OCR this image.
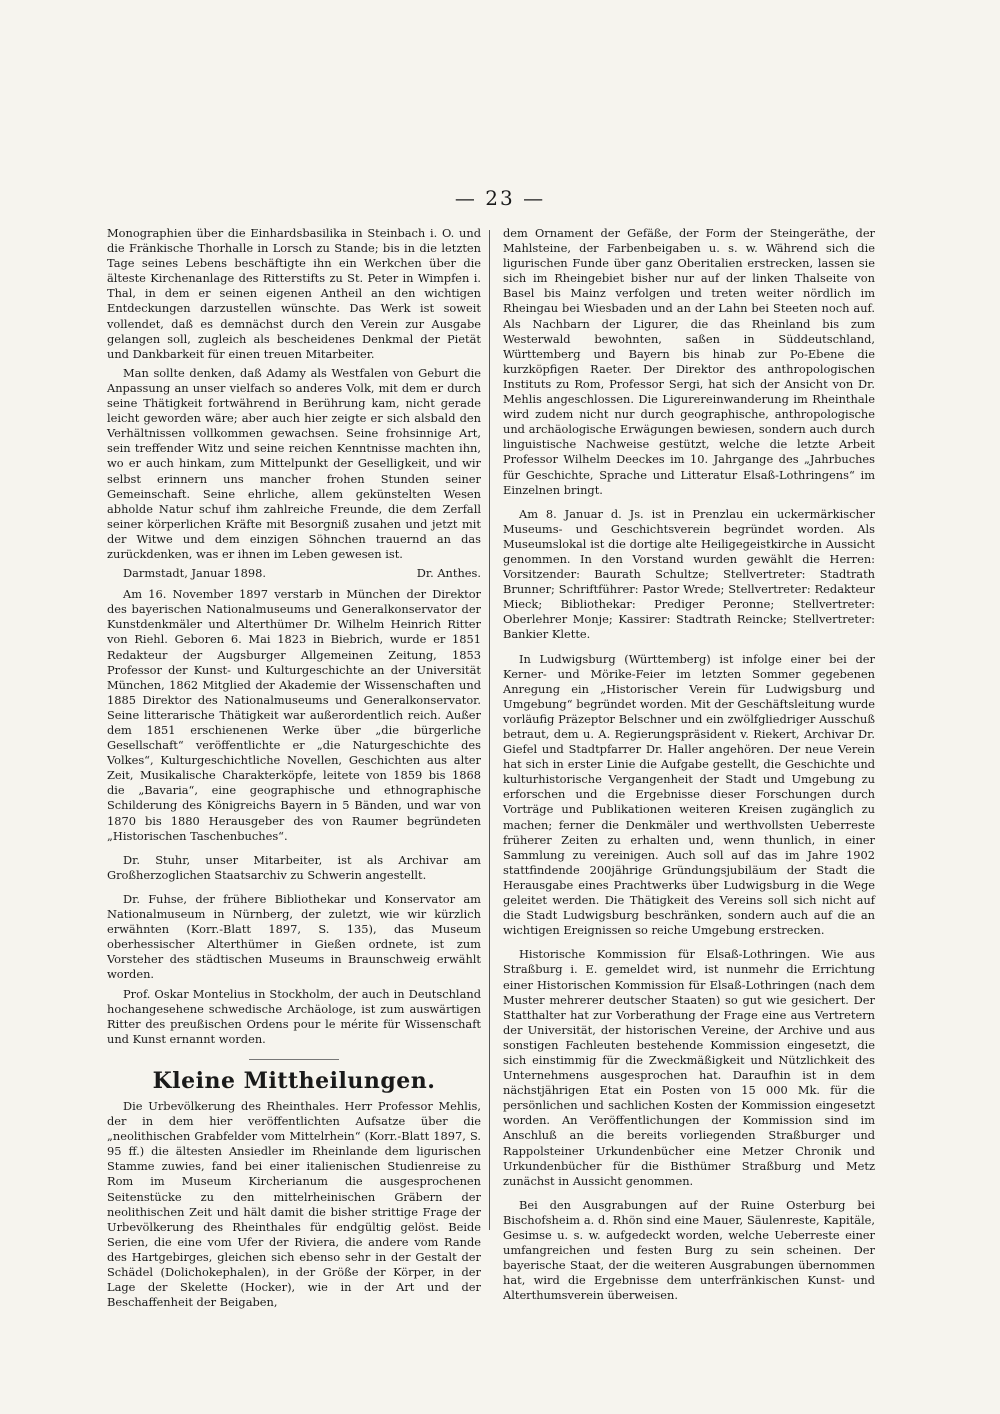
— 23 —

Monographien über die Einhardsbasilika in Steinbach i. O. und die Fränkische Thorhalle in Lorsch zu Stande; bis in die letzten Tage seines Lebens beschäftigte ihn ein Werkchen über die älteste Kirchenanlage des Ritterstifts zu St. Peter in Wimpfen i. Thal, in dem er seinen eigenen Antheil an den wichtigen Entdeckungen darzustellen wünschte. Das Werk ist soweit vollendet, daß es demnächst durch den Verein zur Ausgabe gelangen soll, zugleich als bescheidenes Denkmal der Pietät und Dankbarkeit für einen treuen Mitarbeiter.

Man sollte denken, daß Adamy als Westfalen von Geburt die Anpassung an unser vielfach so anderes Volk, mit dem er durch seine Thätigkeit fortwährend in Berührung kam, nicht gerade leicht geworden wäre; aber auch hier zeigte er sich alsbald den Verhältnissen vollkommen gewachsen. Seine frohsinnige Art, sein treffender Witz und seine reichen Kenntnisse machten ihn, wo er auch hinkam, zum Mittelpunkt der Geselligkeit, und wir selbst erinnern uns mancher frohen Stunden seiner Gemeinschaft. Seine ehrliche, allem gekünstelten Wesen abholde Natur schuf ihm zahlreiche Freunde, die dem Zerfall seiner körperlichen Kräfte mit Besorgniß zusahen und jetzt mit der Witwe und dem einzigen Söhnchen trauernd an das zurückdenken, was er ihnen im Leben gewesen ist.

Darmstadt, Januar 1898.	Dr. Anthes.

Am 16. November 1897 verstarb in München der Direktor des bayerischen Nationalmuseums und Generalkonservator der Kunstdenkmäler und Alterthümer Dr. Wilhelm Heinrich Ritter von Riehl. Geboren 6. Mai 1823 in Biebrich, wurde er 1851 Redakteur der Augsburger Allgemeinen Zeitung, 1853 Professor der Kunst- und Kulturgeschichte an der Universität München, 1862 Mitglied der Akademie der Wissenschaften und 1885 Direktor des Nationalmuseums und Generalkonservator. Seine litterarische Thätigkeit war außerordentlich reich. Außer dem 1851 erschienenen Werke über „die bürgerliche Gesellschaft“ veröffentlichte er „die Naturgeschichte des Volkes“, Kulturgeschichtliche Novellen, Geschichten aus alter Zeit, Musikalische Charakterköpfe, leitete von 1859 bis 1868 die „Bavaria“, eine geographische und ethnographische Schilderung des Königreichs Bayern in 5 Bänden, und war von 1870 bis 1880 Herausgeber des von Raumer begründeten „Historischen Taschenbuches“.

Dr. Stuhr, unser Mitarbeiter, ist als Archivar am Großherzoglichen Staatsarchiv zu Schwerin angestellt.

Dr. Fuhse, der frühere Bibliothekar und Konservator am Nationalmuseum in Nürnberg, der zuletzt, wie wir kürzlich erwähnten (Korr.-Blatt 1897, S. 135), das Museum oberhessischer Alterthümer in Gießen ordnete, ist zum Vorsteher des städtischen Museums in Braunschweig erwählt worden.

Prof. Oskar Montelius in Stockholm, der auch in Deutschland hochangesehene schwedische Archäologe, ist zum auswärtigen Ritter des preußischen Ordens pour le mérite für Wissenschaft und Kunst ernannt worden.

Kleine Mittheilungen.

Die Urbevölkerung des Rheinthales. Herr Professor Mehlis, der in dem hier veröffentlichten Aufsatze über die „neolithischen Grabfelder vom Mittelrhein“ (Korr.-Blatt 1897, S. 95 ff.) die ältesten Ansiedler im Rheinlande dem ligurischen Stamme zuwies, fand bei einer italienischen Studienreise zu Rom im Museum Kircherianum die ausgesprochenen Seitenstücke zu den mittelrheinischen Gräbern der neolithischen Zeit und hält damit die bisher strittige Frage der Urbevölkerung des Rheinthales für endgültig gelöst. Beide Serien, die eine vom Ufer der Riviera, die andere vom Rande des Hartgebirges, gleichen sich ebenso sehr in der Gestalt der Schädel (Dolichokephalen), in der Größe der Körper, in der Lage der Skelette (Hocker), wie in der Art und der Beschaffenheit der Beigaben,

dem Ornament der Gefäße, der Form der Steingeräthe, der Mahlsteine, der Farbenbeigaben u. s. w. Während sich die ligurischen Funde über ganz Oberitalien erstrecken, lassen sie sich im Rheingebiet bisher nur auf der linken Thalseite von Basel bis Mainz verfolgen und treten weiter nördlich im Rheingau bei Wiesbaden und an der Lahn bei Steeten noch auf. Als Nachbarn der Ligurer, die das Rheinland bis zum Westerwald bewohnten, saßen in Süddeutschland, Württemberg und Bayern bis hinab zur Po-Ebene die kurzköpfigen Raeter. Der Direktor des anthropologischen Instituts zu Rom, Professor Sergi, hat sich der Ansicht von Dr. Mehlis angeschlossen. Die Ligurereinwanderung im Rheinthale wird zudem nicht nur durch geographische, anthropologische und archäologische Erwägungen bewiesen, sondern auch durch linguistische Nachweise gestützt, welche die letzte Arbeit Professor Wilhelm Deeckes im 10. Jahrgange des „Jahrbuches für Geschichte, Sprache und Litteratur Elsaß-Lothringens“ im Einzelnen bringt.

Am 8. Januar d. Js. ist in Prenzlau ein uckermärkischer Museums- und Geschichtsverein begründet worden. Als Museumslokal ist die dortige alte Heiligegeistkirche in Aussicht genommen. In den Vorstand wurden gewählt die Herren: Vorsitzender: Baurath Schultze; Stellvertreter: Stadtrath Brunner; Schriftführer: Pastor Wrede; Stellvertreter: Redakteur Mieck; Bibliothekar: Prediger Peronne; Stellvertreter: Oberlehrer Monje; Kassirer: Stadtrath Reincke; Stellvertreter: Bankier Klette.

In Ludwigsburg (Württemberg) ist infolge einer bei der Kerner- und Mörike-Feier im letzten Sommer gegebenen Anregung ein „Historischer Verein für Ludwigsburg und Umgebung“ begründet worden. Mit der Geschäftsleitung wurde vorläufig Präzeptor Belschner und ein zwölfgliedriger Ausschuß betraut, dem u. A. Regierungspräsident v. Riekert, Archivar Dr. Giefel und Stadtpfarrer Dr. Haller angehören. Der neue Verein hat sich in erster Linie die Aufgabe gestellt, die Geschichte und kulturhistorische Vergangenheit der Stadt und Umgebung zu erforschen und die Ergebnisse dieser Forschungen durch Vorträge und Publikationen weiteren Kreisen zugänglich zu machen; ferner die Denkmäler und werthvollsten Ueberreste früherer Zeiten zu erhalten und, wenn thunlich, in einer Sammlung zu vereinigen. Auch soll auf das im Jahre 1902 stattfindende 200jährige Gründungsjubiläum der Stadt die Herausgabe eines Prachtwerks über Ludwigsburg in die Wege geleitet werden. Die Thätigkeit des Vereins soll sich nicht auf die Stadt Ludwigsburg beschränken, sondern auch auf die an wichtigen Ereignissen so reiche Umgebung erstrecken.

Historische Kommission für Elsaß-Lothringen. Wie aus Straßburg i. E. gemeldet wird, ist nunmehr die Errichtung einer Historischen Kommission für Elsaß-Lothringen (nach dem Muster mehrerer deutscher Staaten) so gut wie gesichert. Der Statthalter hat zur Vorberathung der Frage eine aus Vertretern der Universität, der historischen Vereine, der Archive und aus sonstigen Fachleuten bestehende Kommission eingesetzt, die sich einstimmig für die Zweckmäßigkeit und Nützlichkeit des Unternehmens ausgesprochen hat. Daraufhin ist in dem nächstjährigen Etat ein Posten von 15 000 Mk. für die persönlichen und sachlichen Kosten der Kommission eingesetzt worden. An Veröffentlichungen der Kommission sind im Anschluß an die bereits vorliegenden Straßburger und Rappolsteiner Urkundenbücher eine Metzer Chronik und Urkundenbücher für die Bisthümer Straßburg und Metz zunächst in Aussicht genommen.

Bei den Ausgrabungen auf der Ruine Osterburg bei Bischofsheim a. d. Rhön sind eine Mauer, Säulenreste, Kapitäle, Gesimse u. s. w. aufgedeckt worden, welche Ueberreste einer umfangreichen und festen Burg zu sein scheinen. Der bayerische Staat, der die weiteren Ausgrabungen übernommen hat, wird die Ergebnisse dem unterfränkischen Kunst- und Alterthumsverein überweisen.
